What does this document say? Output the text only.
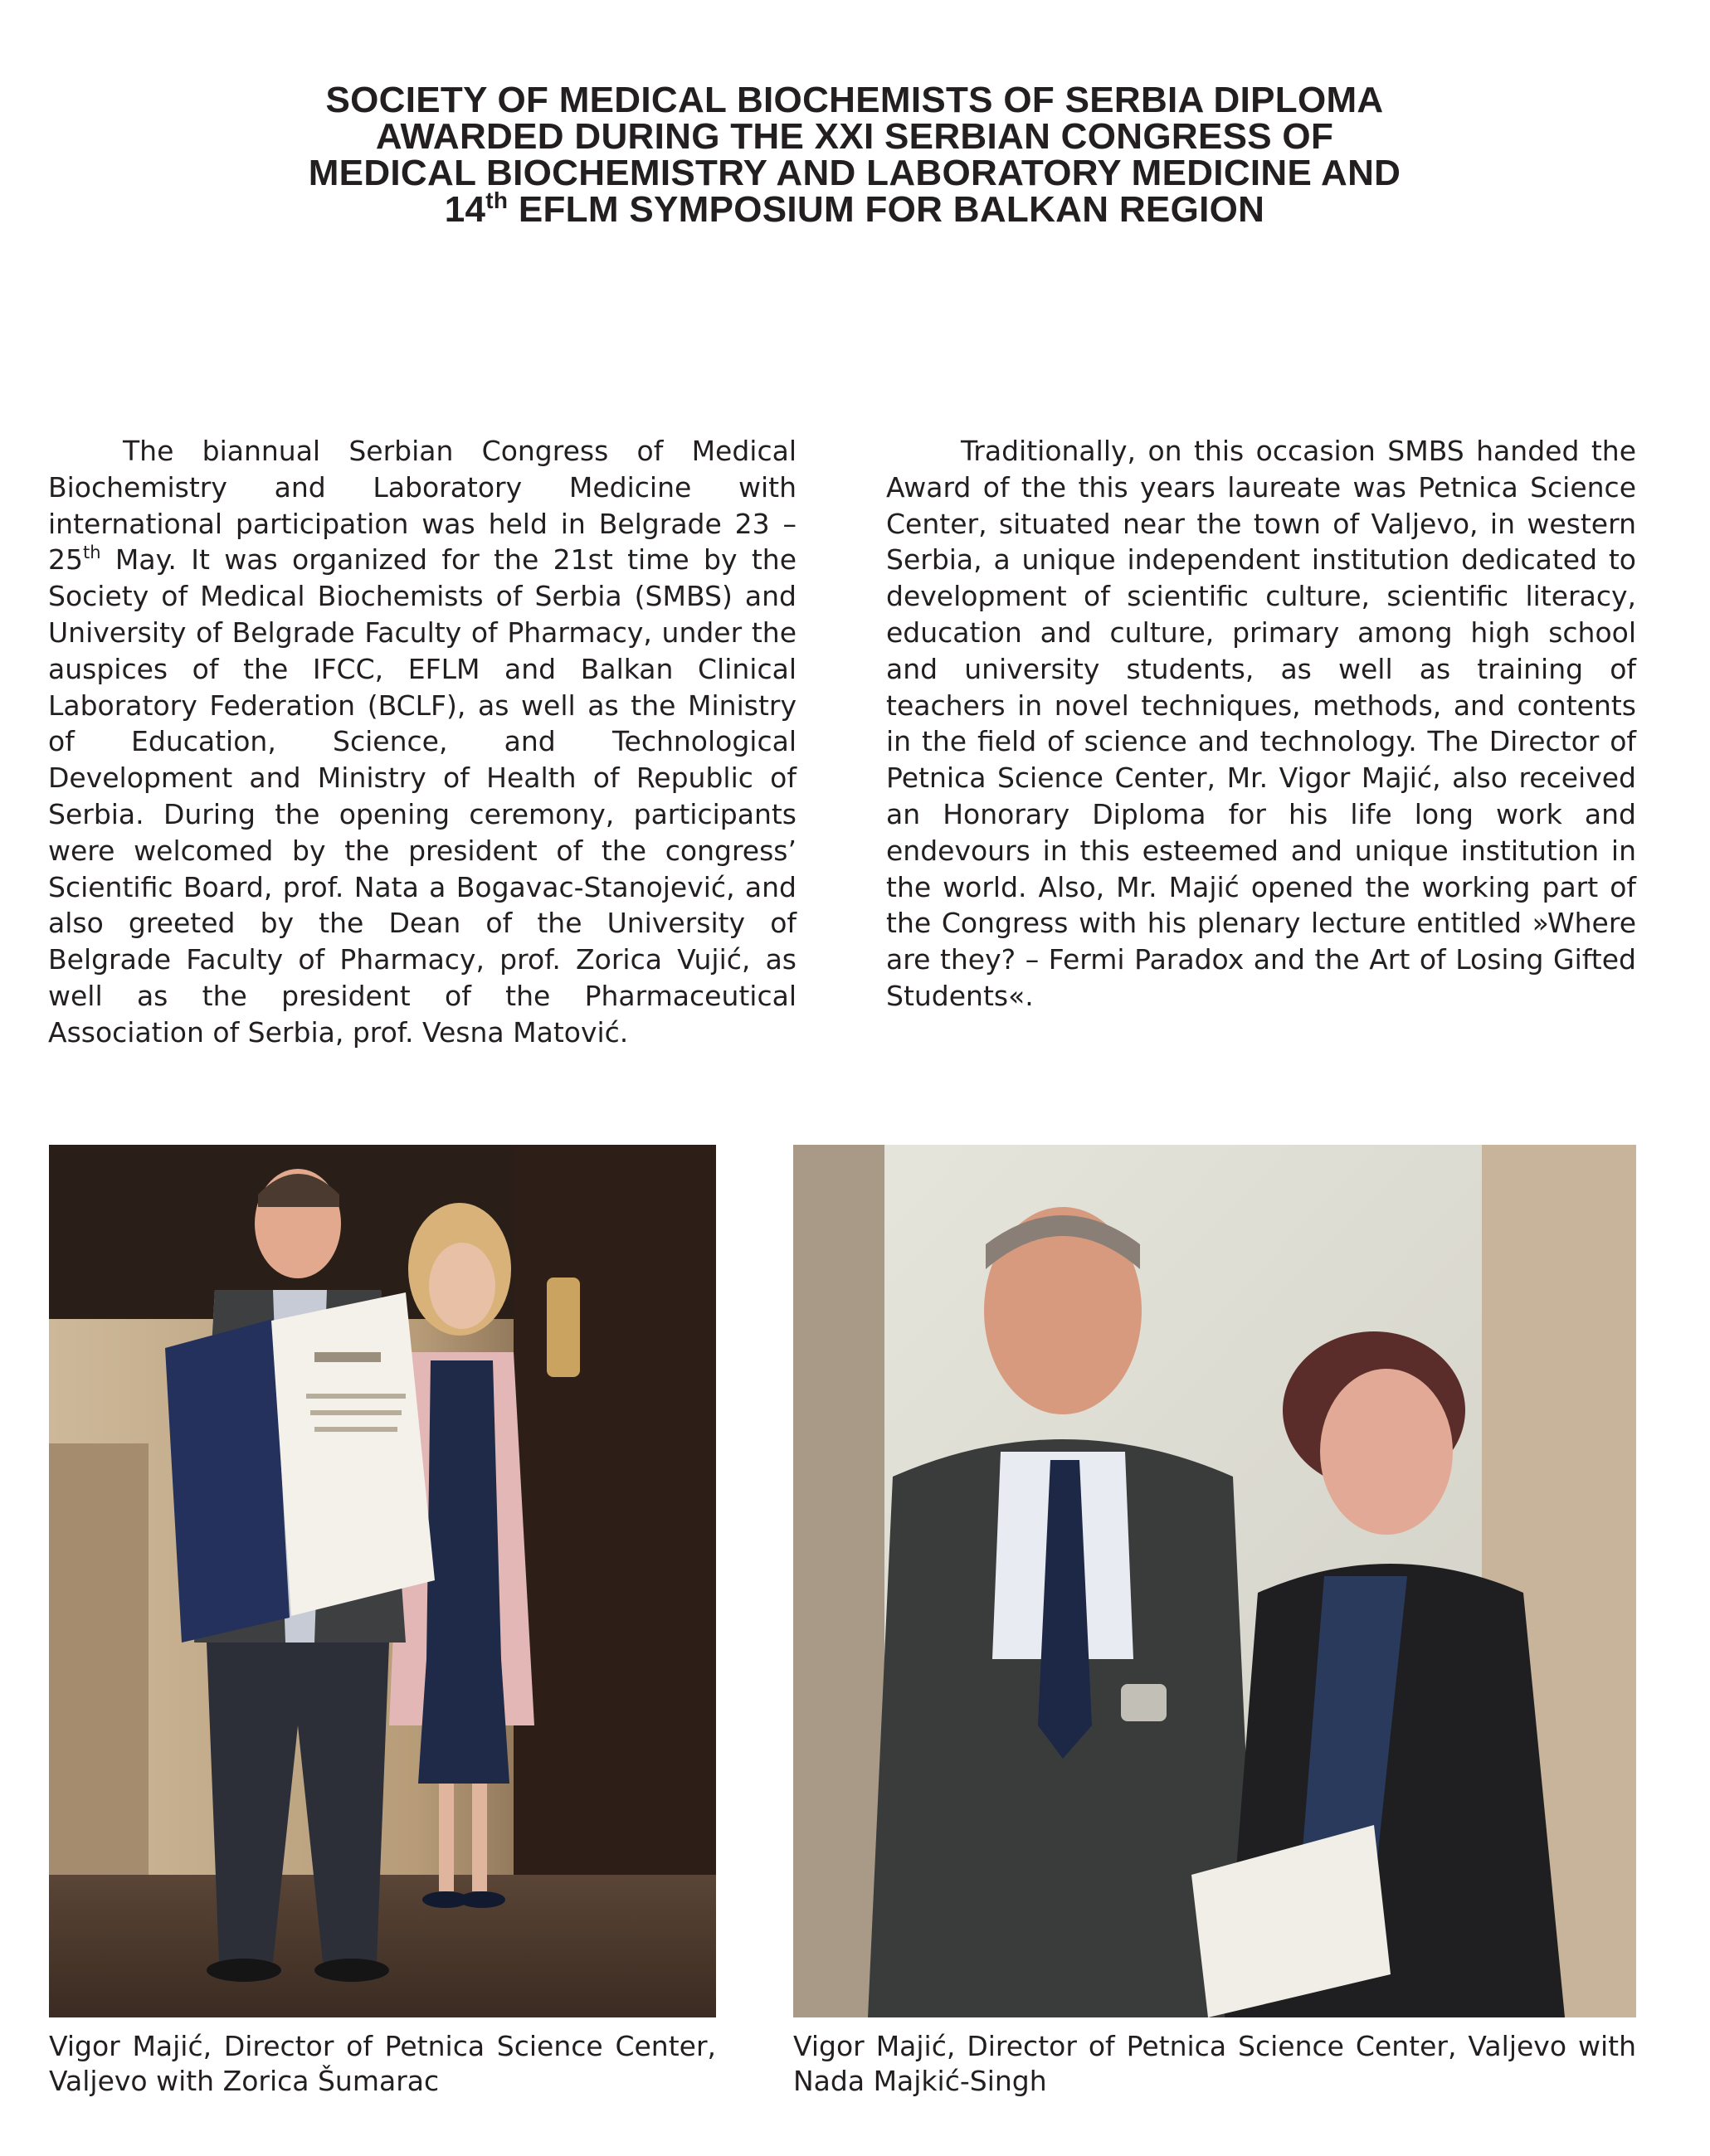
SOCIETY OF MEDICAL BIOCHEMISTS OF SERBIA DIPLOMA
AWARDED DURING THE XXI SERBIAN CONGRESS OF
MEDICAL BIOCHEMISTRY AND LABORATORY MEDICINE AND
14th EFLM SYMPOSIUM FOR BALKAN REGION

The biannual Serbian Congress of Medical Biochemistry and Laboratory Medicine with international participation was held in Belgrade 23 – 25th May. It was organized for the 21st time by the Society of Medical Biochemists of Serbia (SMBS) and University of Belgrade Faculty of Pharmacy, under the auspices of the IFCC, EFLM and Balkan Clinical Laboratory Federation (BCLF), as well as the Ministry of Education, Science, and Technological Development and Ministry of Health of Republic of Serbia. During the opening ceremony, participants were welcomed by the president of the congress’ Scientific Board, prof. Nata a Bogavac-Stanojević, and also greeted by the Dean of the University of Belgrade Faculty of Pharmacy, prof. Zorica Vujić, as well as the president of the Pharmaceutical Association of Serbia, prof. Vesna Matović.

Traditionally, on this occasion SMBS handed the Award of the this years laureate was Petnica Science Center, situated near the town of Valjevo, in western Serbia, a unique independent institution dedicated to development of scientific culture, scientific literacy, education and culture, primary among high school and university students, as well as training of teachers in novel techniques, methods, and contents in the field of science and technology. The Director of Petnica Science Center, Mr. Vigor Majić, also received an Honorary Diploma for his life long work and endevours in this esteemed and unique institution in the world. Also, Mr. Majić opened the working part of the Congress with his plenary lecture entitled »Where are they? – Fermi Paradox and the Art of Losing Gifted Students«.

Vigor Majić, Director of Petnica Science Center, Valjevo with Zorica Šumarac
Vigor Majić, Director of Petnica Science Center, Valjevo with Nada Majkić-Singh
